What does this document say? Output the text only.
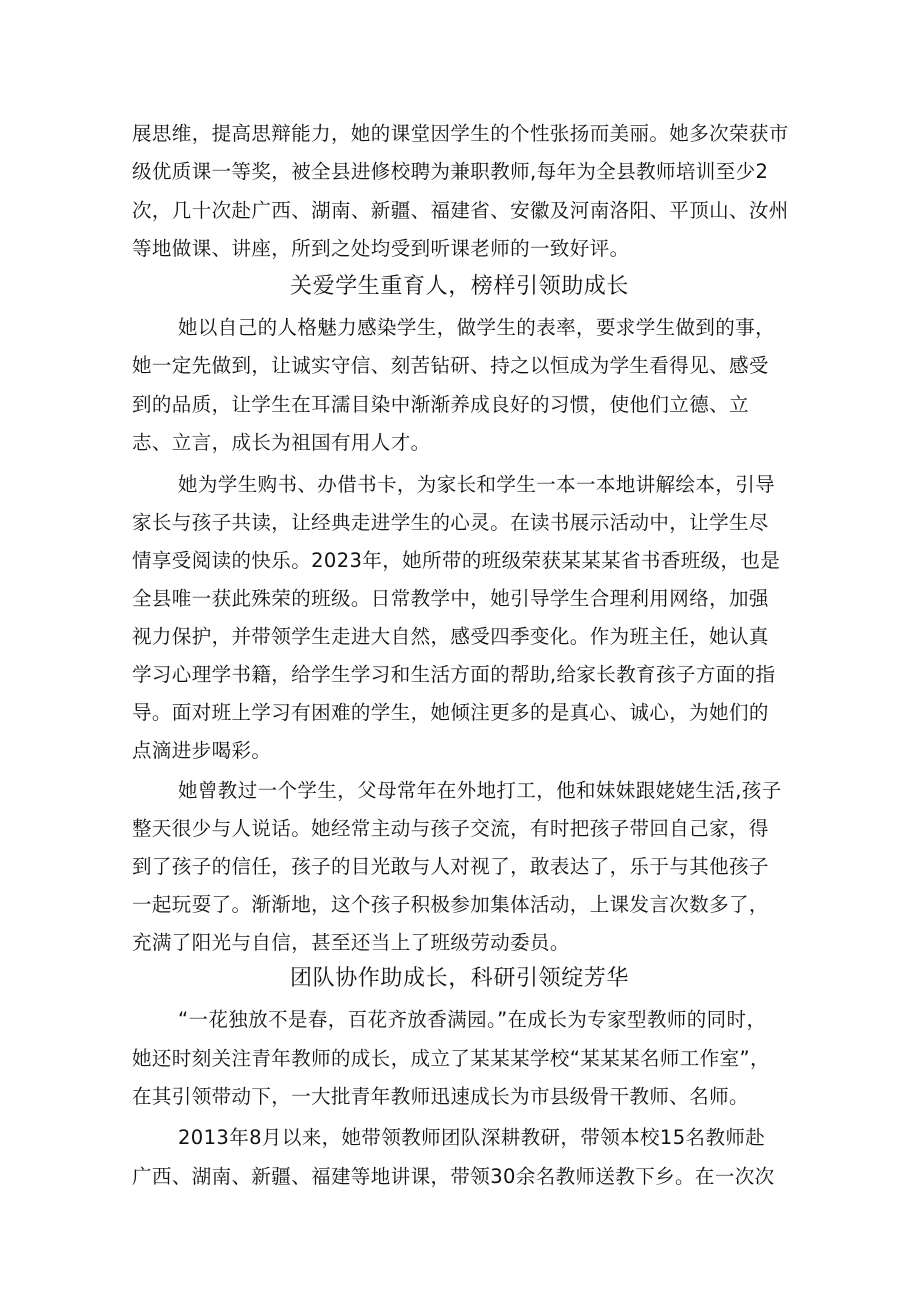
展思维，提高思辩能力，她的课堂因学生的个性张扬而美丽。她多次荣获市
级优质课一等奖，被全县进修校聘为兼职教师,每年为全县教师培训至少2
次，几十次赴广西、湖南、新疆、福建省、安徽及河南洛阳、平顶山、汝州
等地做课、讲座，所到之处均受到听课老师的一致好评。
关爱学生重育人，榜样引领助成长
她以自己的人格魅力感染学生，做学生的表率，要求学生做到的事，
她一定先做到，让诚实守信、刻苦钻研、持之以恒成为学生看得见、感受
到的品质，让学生在耳濡目染中渐渐养成良好的习惯，使他们立德、立
志、立言，成长为祖国有用人才。
她为学生购书、办借书卡，为家长和学生一本一本地讲解绘本，引导
家长与孩子共读，让经典走进学生的心灵。在读书展示活动中，让学生尽
情享受阅读的快乐。2023年，她所带的班级荣获某某某省书香班级，也是
全县唯一获此殊荣的班级。日常教学中，她引导学生合理利用网络，加强
视力保护，并带领学生走进大自然，感受四季变化。作为班主任，她认真
学习心理学书籍，给学生学习和生活方面的帮助,给家长教育孩子方面的指
导。面对班上学习有困难的学生，她倾注更多的是真心、诚心，为她们的
点滴进步喝彩。
她曾教过一个学生，父母常年在外地打工，他和妹妹跟姥姥生活,孩子
整天很少与人说话。她经常主动与孩子交流，有时把孩子带回自己家，得
到了孩子的信任，孩子的目光敢与人对视了，敢表达了，乐于与其他孩子
一起玩耍了。渐渐地，这个孩子积极参加集体活动，上课发言次数多了，
充满了阳光与自信，甚至还当上了班级劳动委员。
团队协作助成长，科研引领绽芳华
“一花独放不是春，百花齐放香满园。”在成长为专家型教师的同时，
她还时刻关注青年教师的成长，成立了某某某学校“某某某名师工作室”，
在其引领带动下，一大批青年教师迅速成长为市县级骨干教师、名师。
2013年8月以来，她带领教师团队深耕教研，带领本校15名教师赴
广西、湖南、新疆、福建等地讲课，带领30余名教师送教下乡。在一次次
